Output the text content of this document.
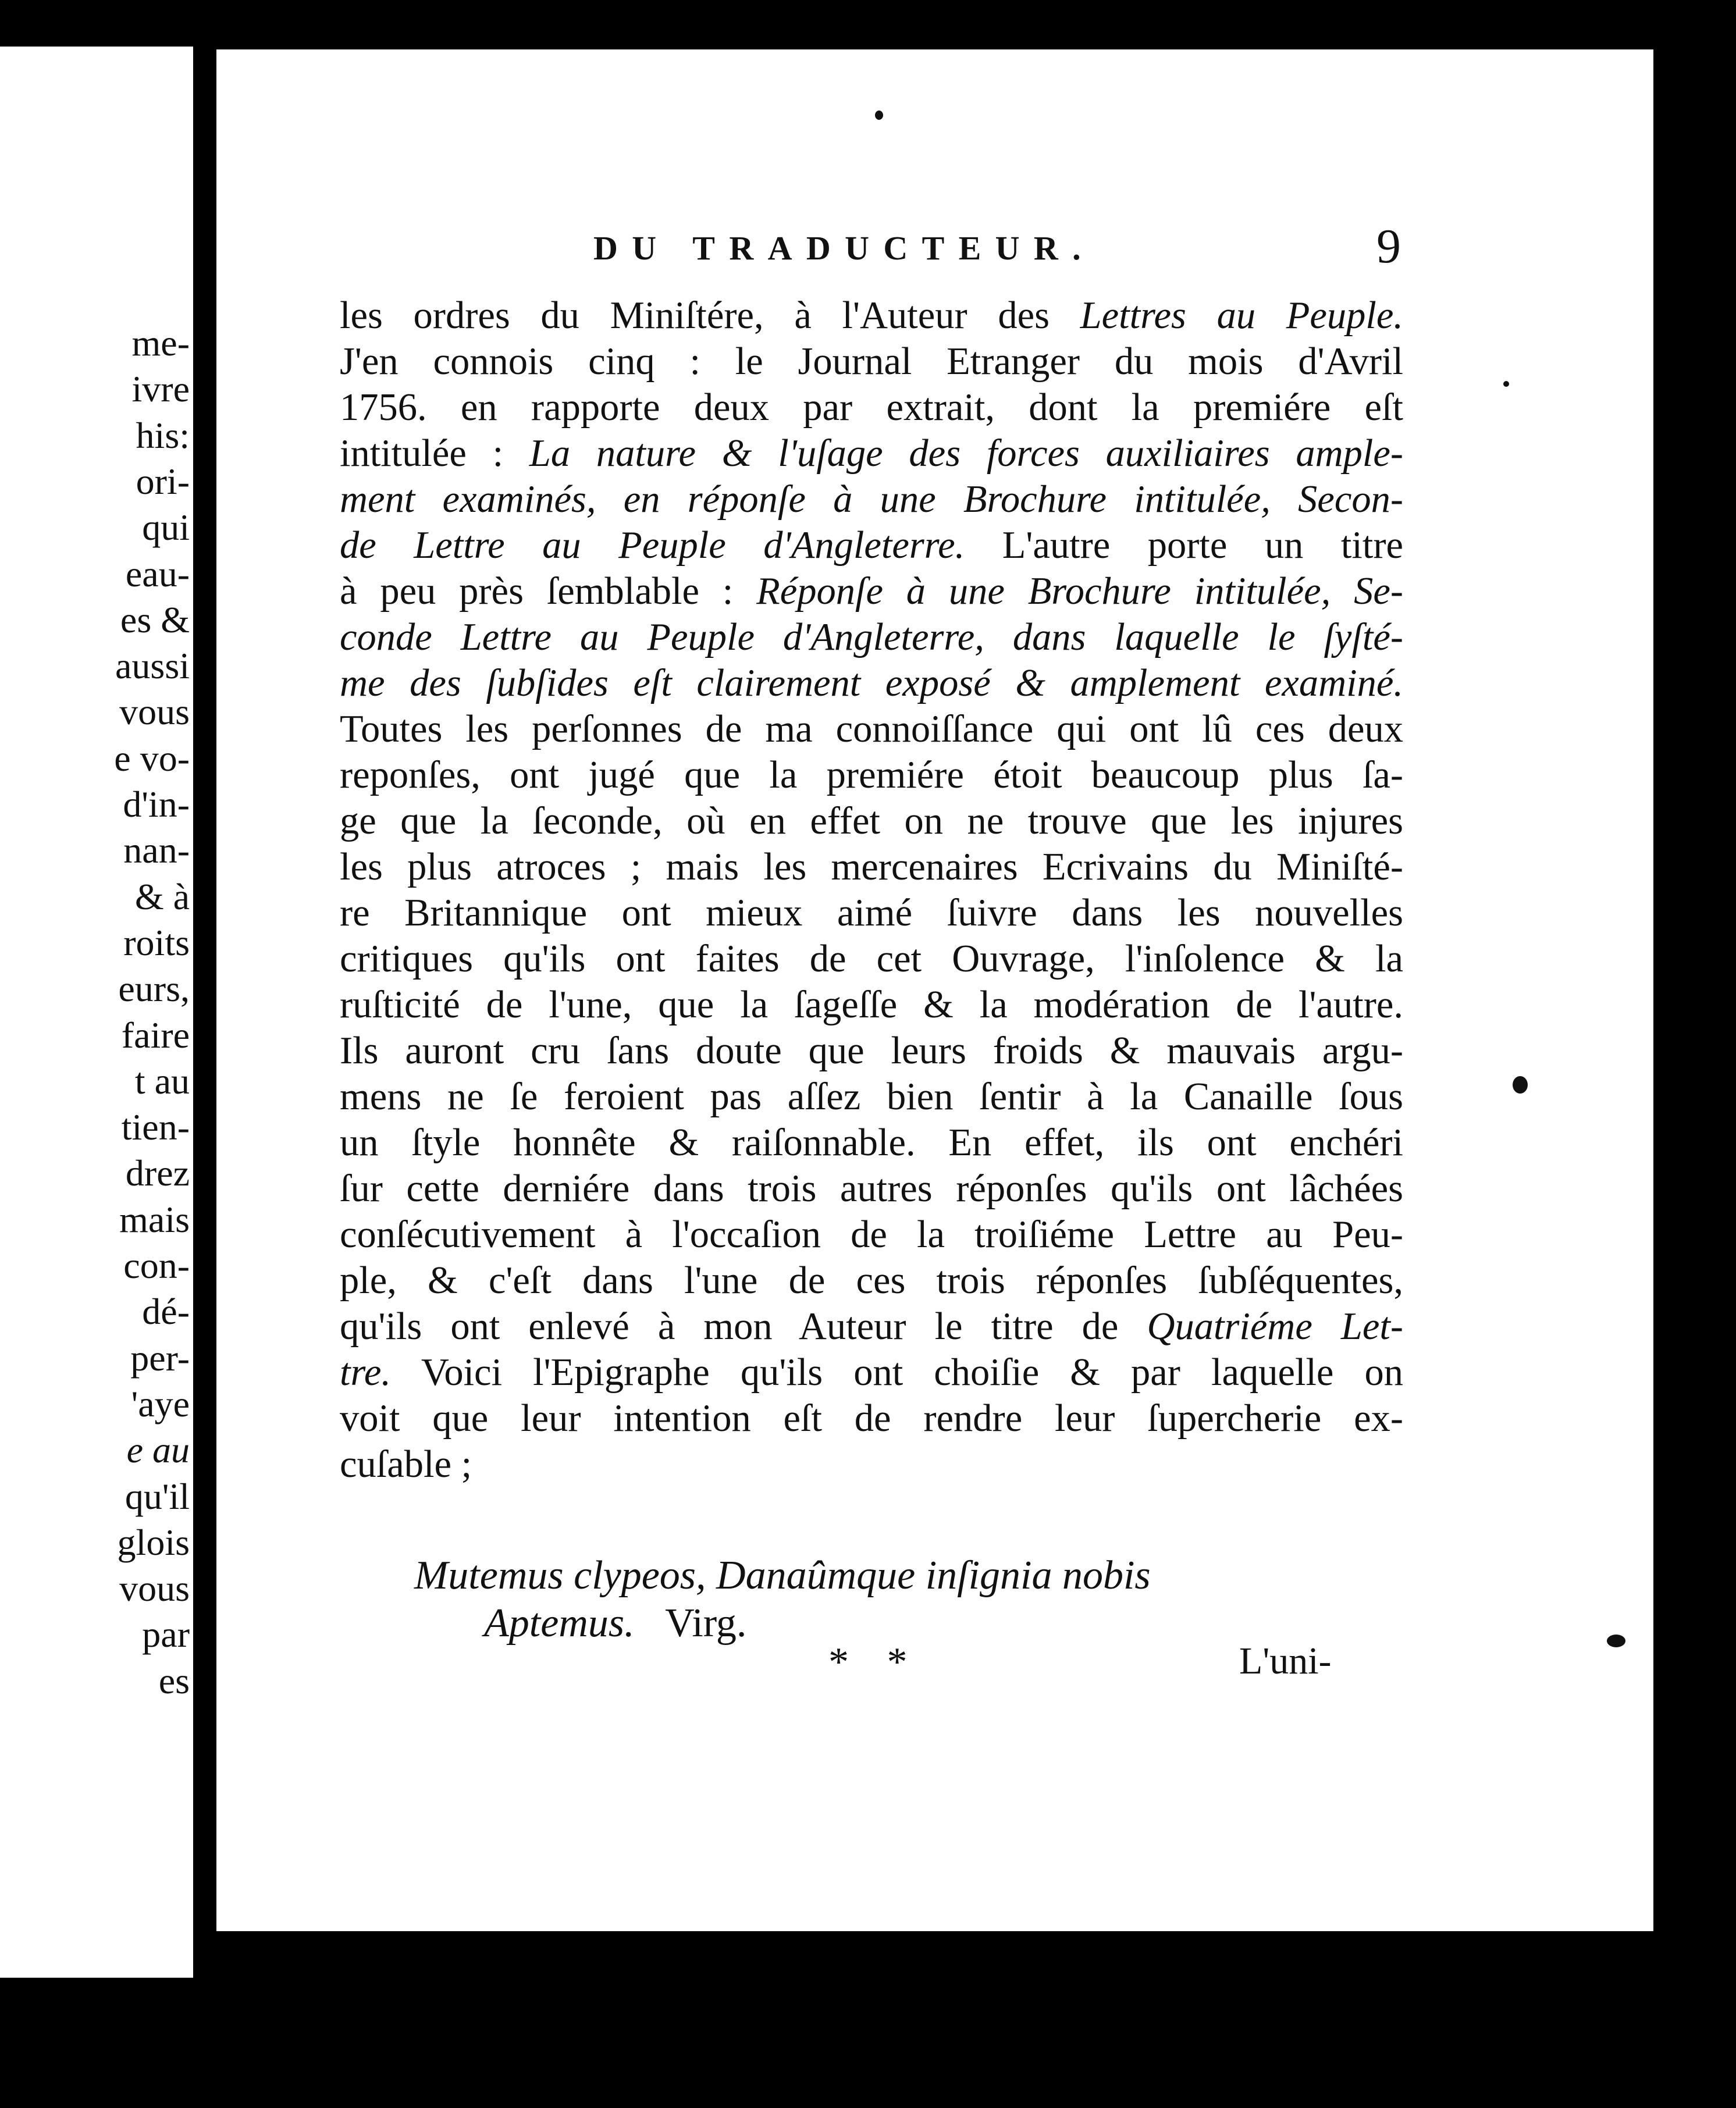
me-
ivre
his:
ori-
qui
eau-
es &
aussi
vous
e vo-
d'in-
nan-
& à
roits
eurs,
faire
t au
tien-
drez
mais
con-
dé-
per-
'aye
e au
qu'il
glois
vous
par
es
DU TRADUCTEUR.	9
les ordres du Miniſtére, à l'Auteur des Lettres au Peuple.
J'en connois cinq : le Journal Etranger du mois d'Avril
1756. en rapporte deux par extrait, dont la premiére eſt
intitulée : La nature & l'uſage des forces auxiliaires ample-
ment examinés, en réponſe à une Brochure intitulée, Secon-
de Lettre au Peuple d'Angleterre. L'autre porte un titre
à peu près ſemblable : Réponſe à une Brochure intitulée, Se-
conde Lettre au Peuple d'Angleterre, dans laquelle le ſyſté-
me des ſubſides eſt clairement exposé & amplement examiné.
Toutes les perſonnes de ma connoiſſance qui ont lû ces deux
reponſes, ont jugé que la premiére étoit beaucoup plus ſa-
ge que la ſeconde, où en effet on ne trouve que les injures
les plus atroces ; mais les mercenaires Ecrivains du Miniſté-
re Britannique ont mieux aimé ſuivre dans les nouvelles
critiques qu'ils ont faites de cet Ouvrage, l'inſolence & la
ruſticité de l'une, que la ſageſſe & la modération de l'autre.
Ils auront cru ſans doute que leurs froids & mauvais argu-
mens ne ſe feroient pas aſſez bien ſentir à la Canaille ſous
un ſtyle honnête & raiſonnable. En effet, ils ont enchéri
ſur cette derniére dans trois autres réponſes qu'ils ont lâchées
conſécutivement à l'occaſion de la troiſiéme Lettre au Peu-
ple, & c'eſt dans l'une de ces trois réponſes ſubſéquentes,
qu'ils ont enlevé à mon Auteur le titre de Quatriéme Let-
tre. Voici l'Epigraphe qu'ils ont choiſie & par laquelle on
voit que leur intention eſt de rendre leur ſupercherie ex-
cuſable ;
Mutemus clypeos, Danaûmque inſignia nobis
Aptemus. Virg.
* *	L'uni-
